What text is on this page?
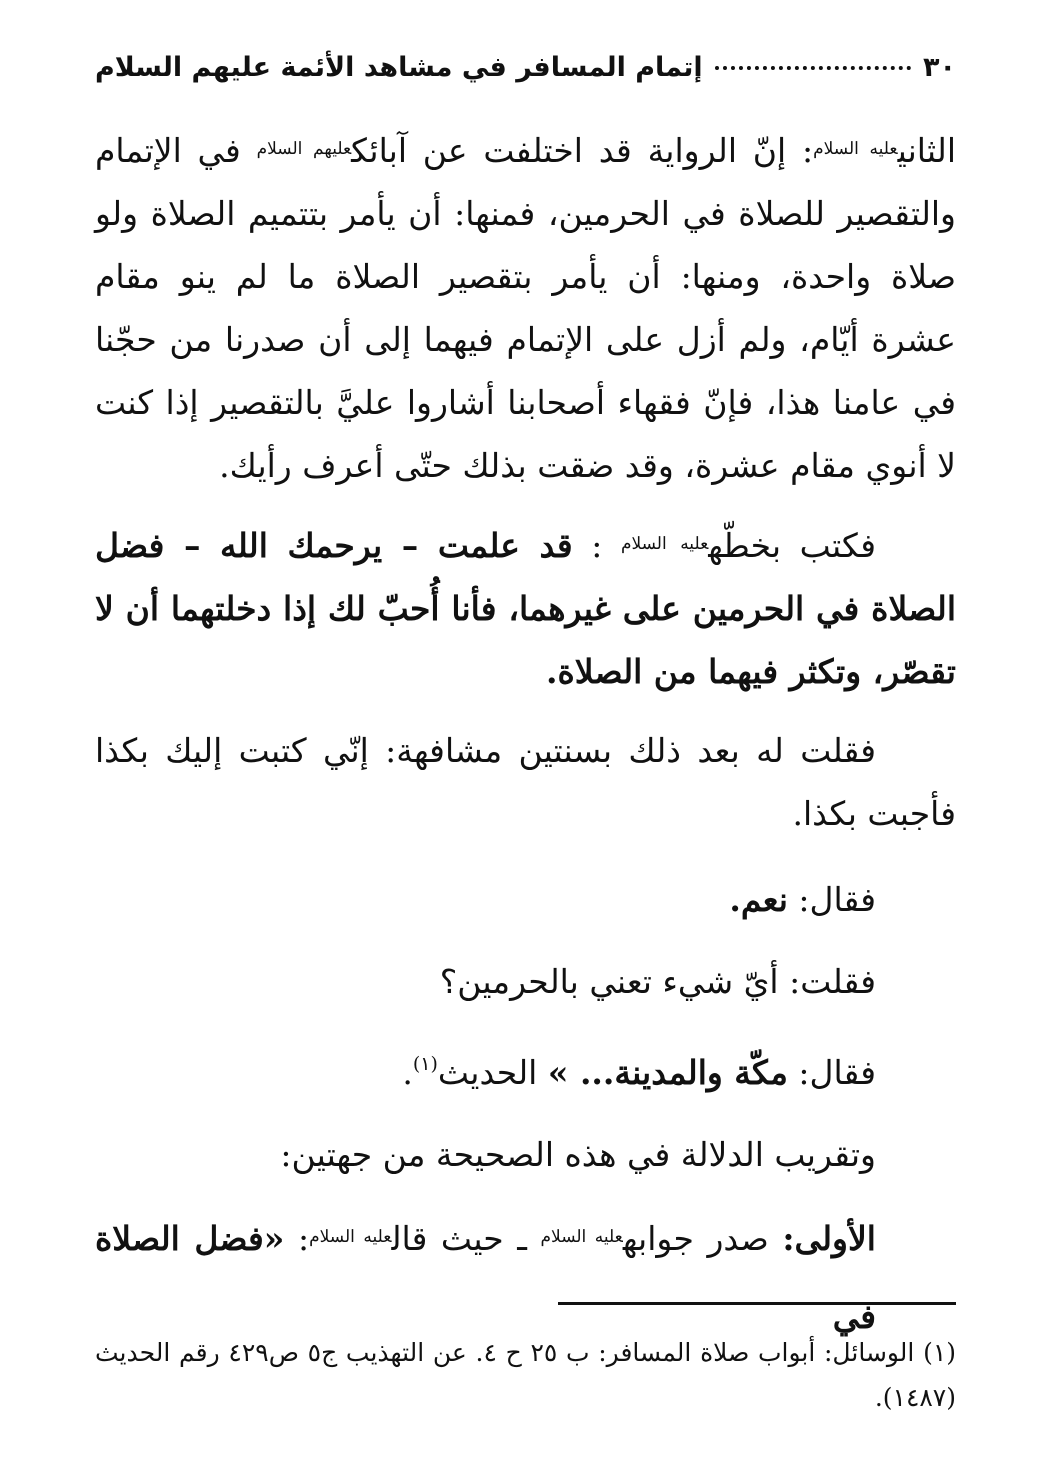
٣٠
إتمام المسافر في مشاهد الأئمة عليهم السلام

الثاني$^{عليه السلام}$: إنّ الرواية قد اختلفت عن آبائك$^{عليهم السلام}$ في الإتمام والتقصير للصلاة في الحرمين، فمنها: أن يأمر بتتميم الصلاة ولو صلاة واحدة، ومنها: أن يأمر بتقصير الصلاة ما لم ينو مقام عشرة أيّام، ولم أزل على الإتمام فيهما إلى أن صدرنا من حجّنا في عامنا هذا، فإنّ فقهاء أصحابنا أشاروا عليَّ بالتقصير إذا كنت لا أنوي مقام عشرة، وقد ضقت بذلك حتّى أعرف رأيك.

فكتب بخطّه$^{عليه السلام}$ : قد علمت – يرحمك الله – فضل الصلاة في الحرمين على غيرهما، فأنا أُحبّ لك إذا دخلتهما أن لا تقصّر، وتكثر فيهما من الصلاة.

فقلت له بعد ذلك بسنتين مشافهة: إنّي كتبت إليك بكذا فأجبت بكذا.

فقال: نعم.

فقلت: أيّ شيء تعني بالحرمين؟

فقال: مكّة والمدينة... » الحديث$^{(١)}$.

وتقريب الدلالة في هذه الصحيحة من جهتين:

الأولى: صدر جوابه$^{عليه السلام}$ ـ حيث قال$^{عليه السلام}$: «فضل الصلاة في

(١) الوسائل: أبواب صلاة المسافر: ب ٢٥ ح ٤. عن التهذيب ج٥ ص٤٢٩ رقم الحديث (١٤٨٧).
